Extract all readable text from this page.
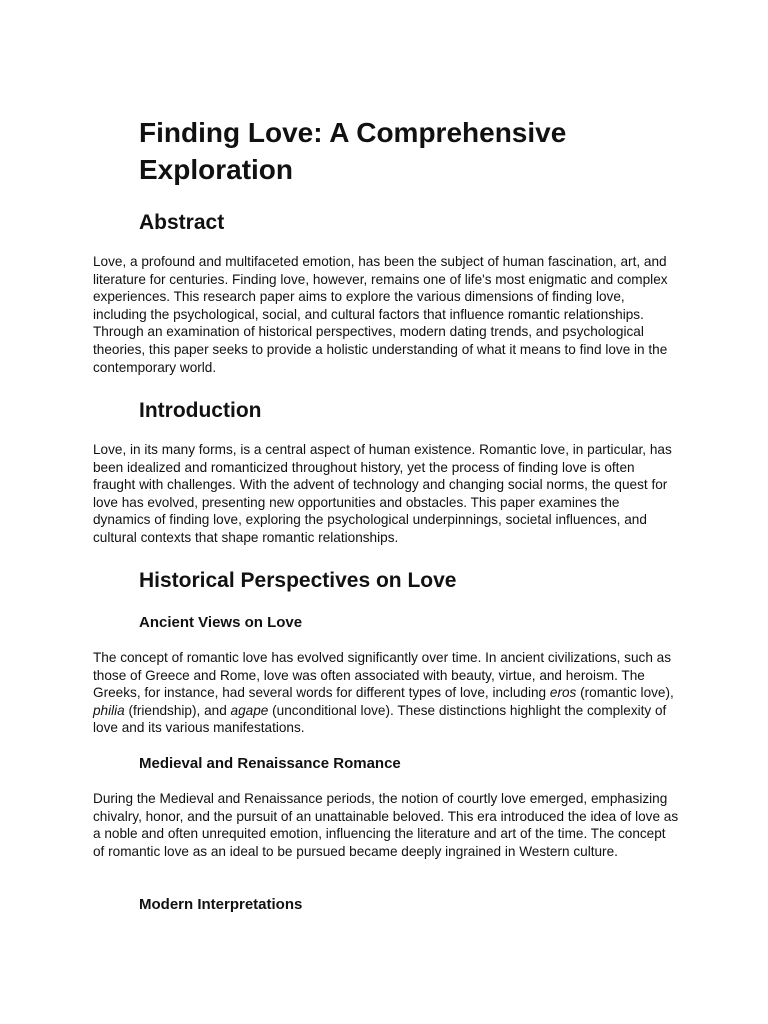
Finding Love: A Comprehensive Exploration
Abstract

Love, a profound and multifaceted emotion, has been the subject of human fascination, art, and literature for centuries. Finding love, however, remains one of life's most enigmatic and complex experiences. This research paper aims to explore the various dimensions of finding love, including the psychological, social, and cultural factors that influence romantic relationships. Through an examination of historical perspectives, modern dating trends, and psychological theories, this paper seeks to provide a holistic understanding of what it means to find love in the contemporary world.

Introduction

Love, in its many forms, is a central aspect of human existence. Romantic love, in particular, has been idealized and romanticized throughout history, yet the process of finding love is often fraught with challenges. With the advent of technology and changing social norms, the quest for love has evolved, presenting new opportunities and obstacles. This paper examines the dynamics of finding love, exploring the psychological underpinnings, societal influences, and cultural contexts that shape romantic relationships.

Historical Perspectives on Love
Ancient Views on Love

The concept of romantic love has evolved significantly over time. In ancient civilizations, such as those of Greece and Rome, love was often associated with beauty, virtue, and heroism. The Greeks, for instance, had several words for different types of love, including eros (romantic love), philia (friendship), and agape (unconditional love). These distinctions highlight the complexity of love and its various manifestations.

Medieval and Renaissance Romance

During the Medieval and Renaissance periods, the notion of courtly love emerged, emphasizing chivalry, honor, and the pursuit of an unattainable beloved. This era introduced the idea of love as a noble and often unrequited emotion, influencing the literature and art of the time. The concept of romantic love as an ideal to be pursued became deeply ingrained in Western culture.

Modern Interpretations
